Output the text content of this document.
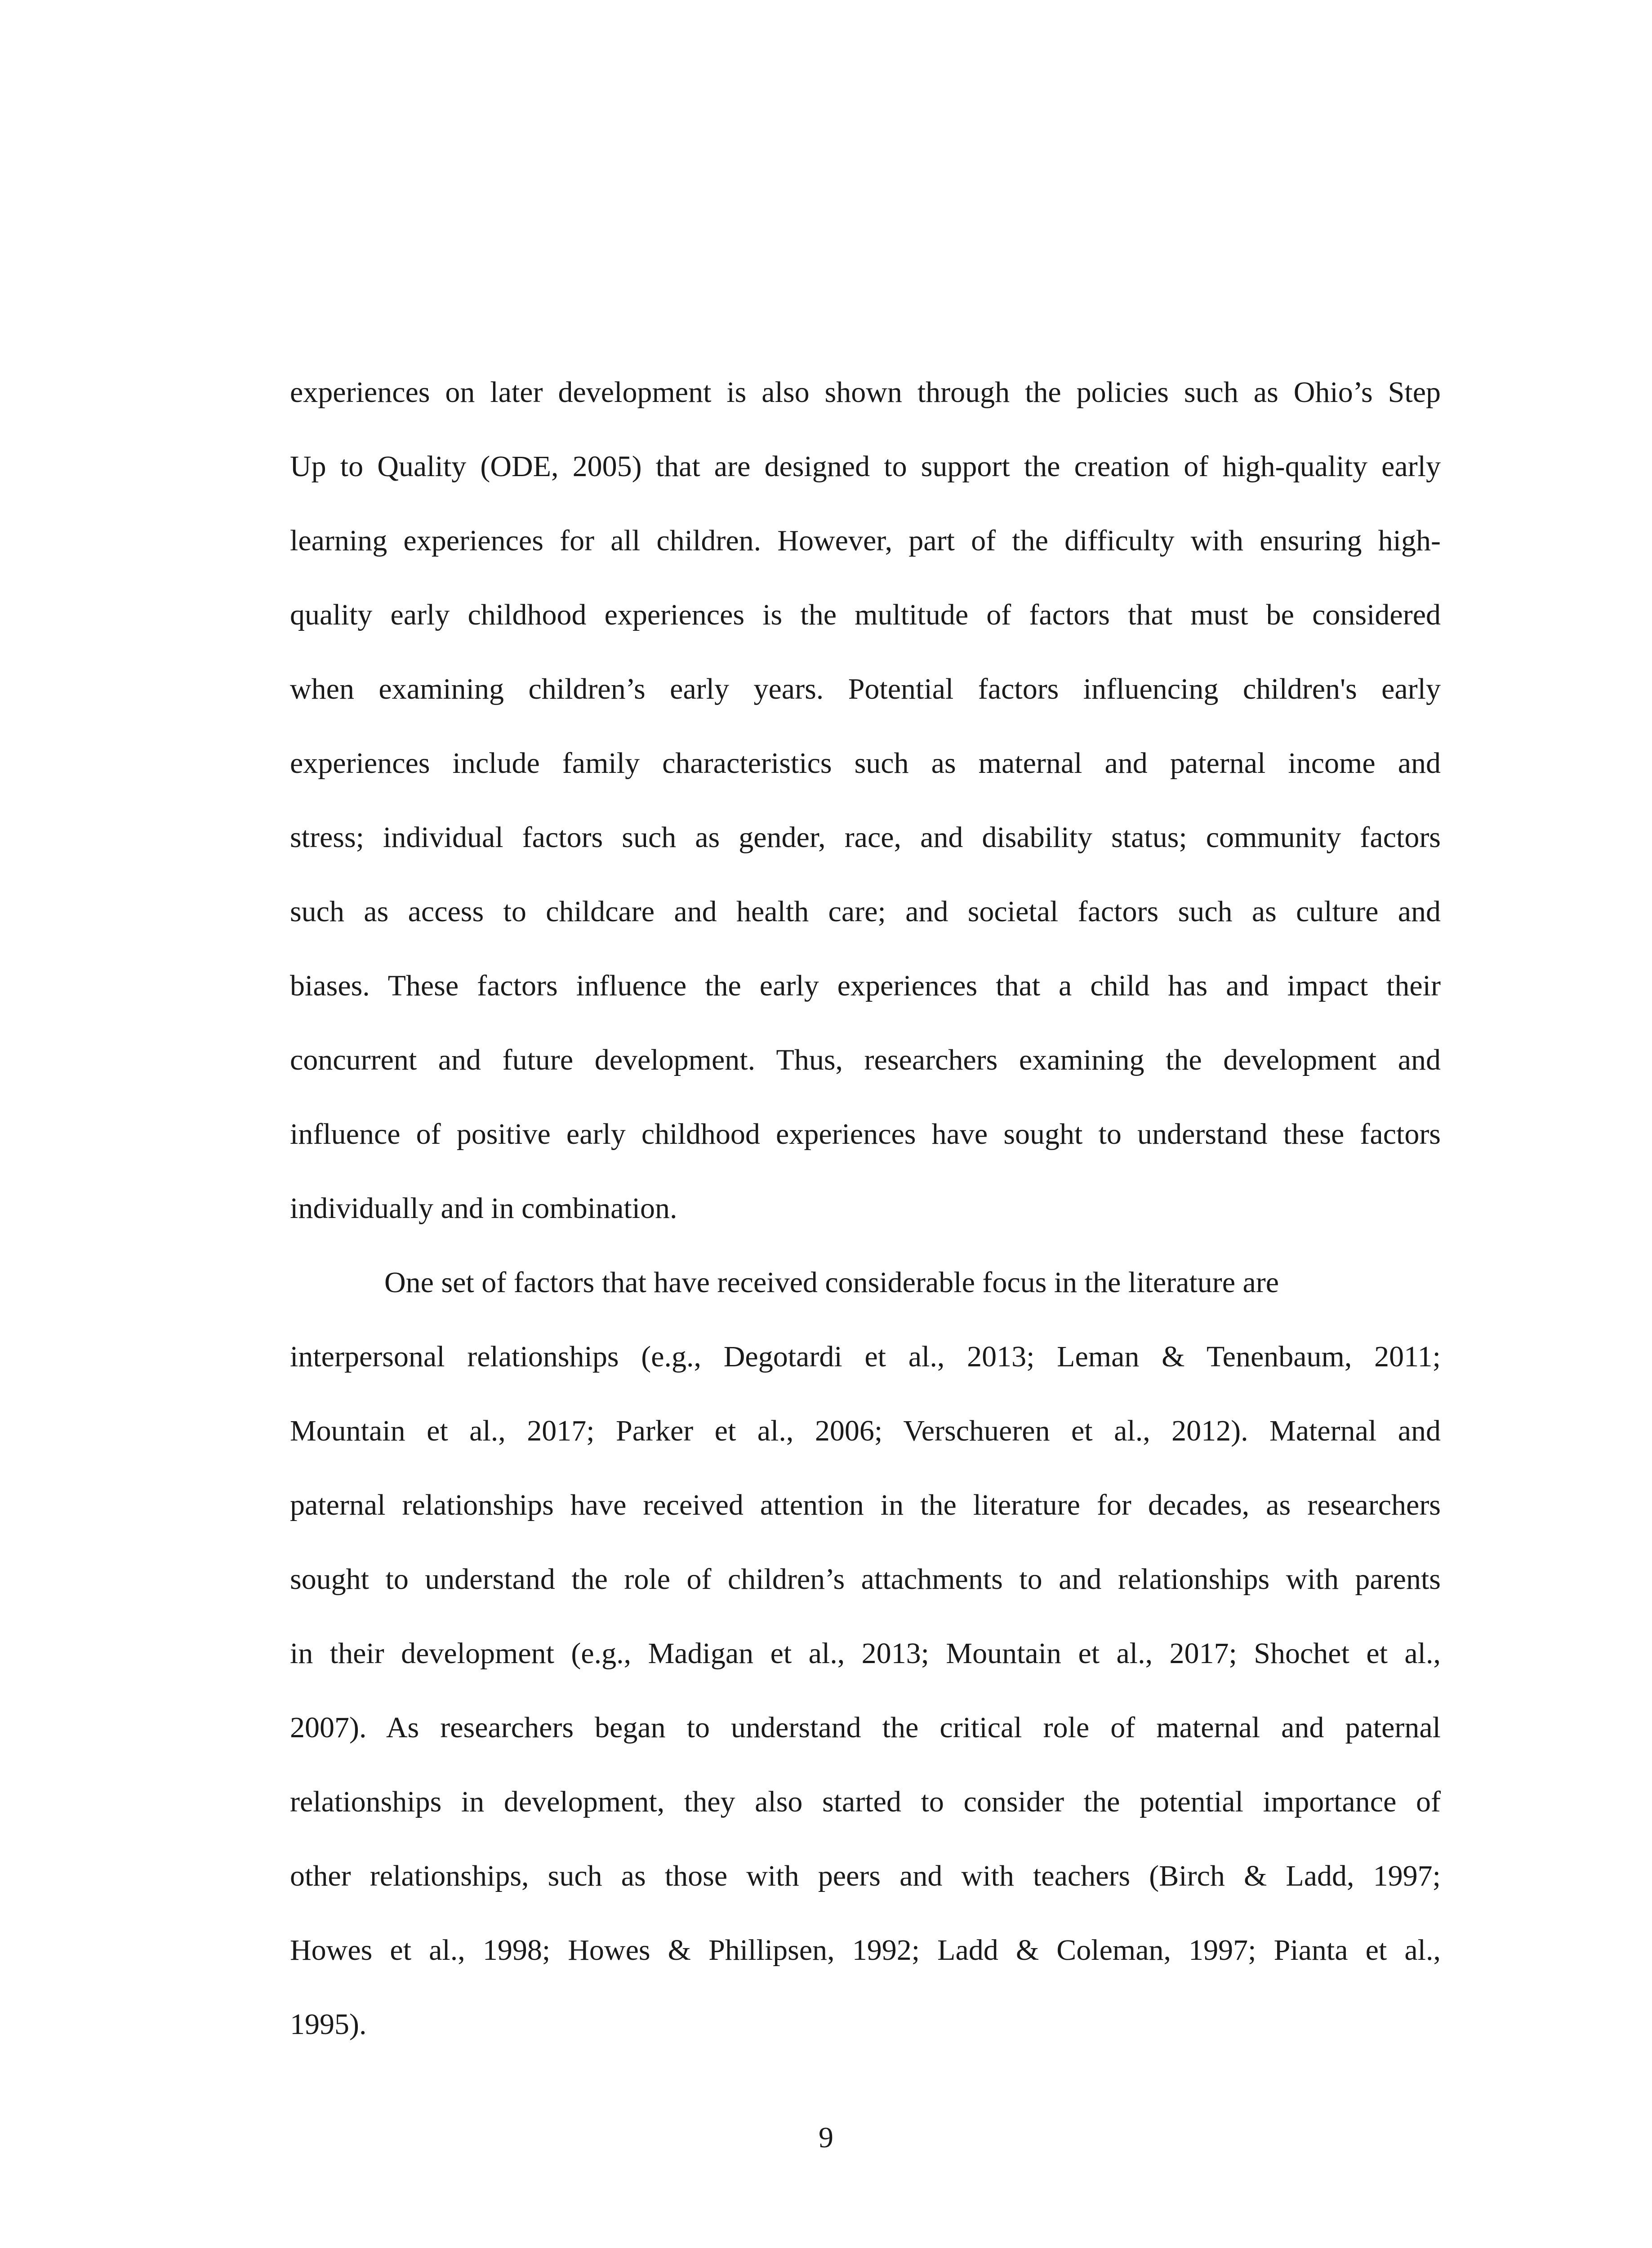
experiences on later development is also shown through the policies such as Ohio’s Step
Up to Quality (ODE, 2005) that are designed to support the creation of high-quality early
learning experiences for all children. However, part of the difficulty with ensuring high-
quality early childhood experiences is the multitude of factors that must be considered
when examining children’s early years. Potential factors influencing children's early
experiences include family characteristics such as maternal and paternal income and
stress; individual factors such as gender, race, and disability status; community factors
such as access to childcare and health care; and societal factors such as culture and
biases. These factors influence the early experiences that a child has and impact their
concurrent and future development. Thus, researchers examining the development and
influence of positive early childhood experiences have sought to understand these factors
individually and in combination.
One set of factors that have received considerable focus in the literature are
interpersonal relationships (e.g., Degotardi et al., 2013; Leman & Tenenbaum, 2011;
Mountain et al., 2017; Parker et al., 2006; Verschueren et al., 2012). Maternal and
paternal relationships have received attention in the literature for decades, as researchers
sought to understand the role of children’s attachments to and relationships with parents
in their development (e.g., Madigan et al., 2013; Mountain et al., 2017; Shochet et al.,
2007). As researchers began to understand the critical role of maternal and paternal
relationships in development, they also started to consider the potential importance of
other relationships, such as those with peers and with teachers (Birch & Ladd, 1997;
Howes et al., 1998; Howes & Phillipsen, 1992; Ladd & Coleman, 1997; Pianta et al.,
1995).
9
